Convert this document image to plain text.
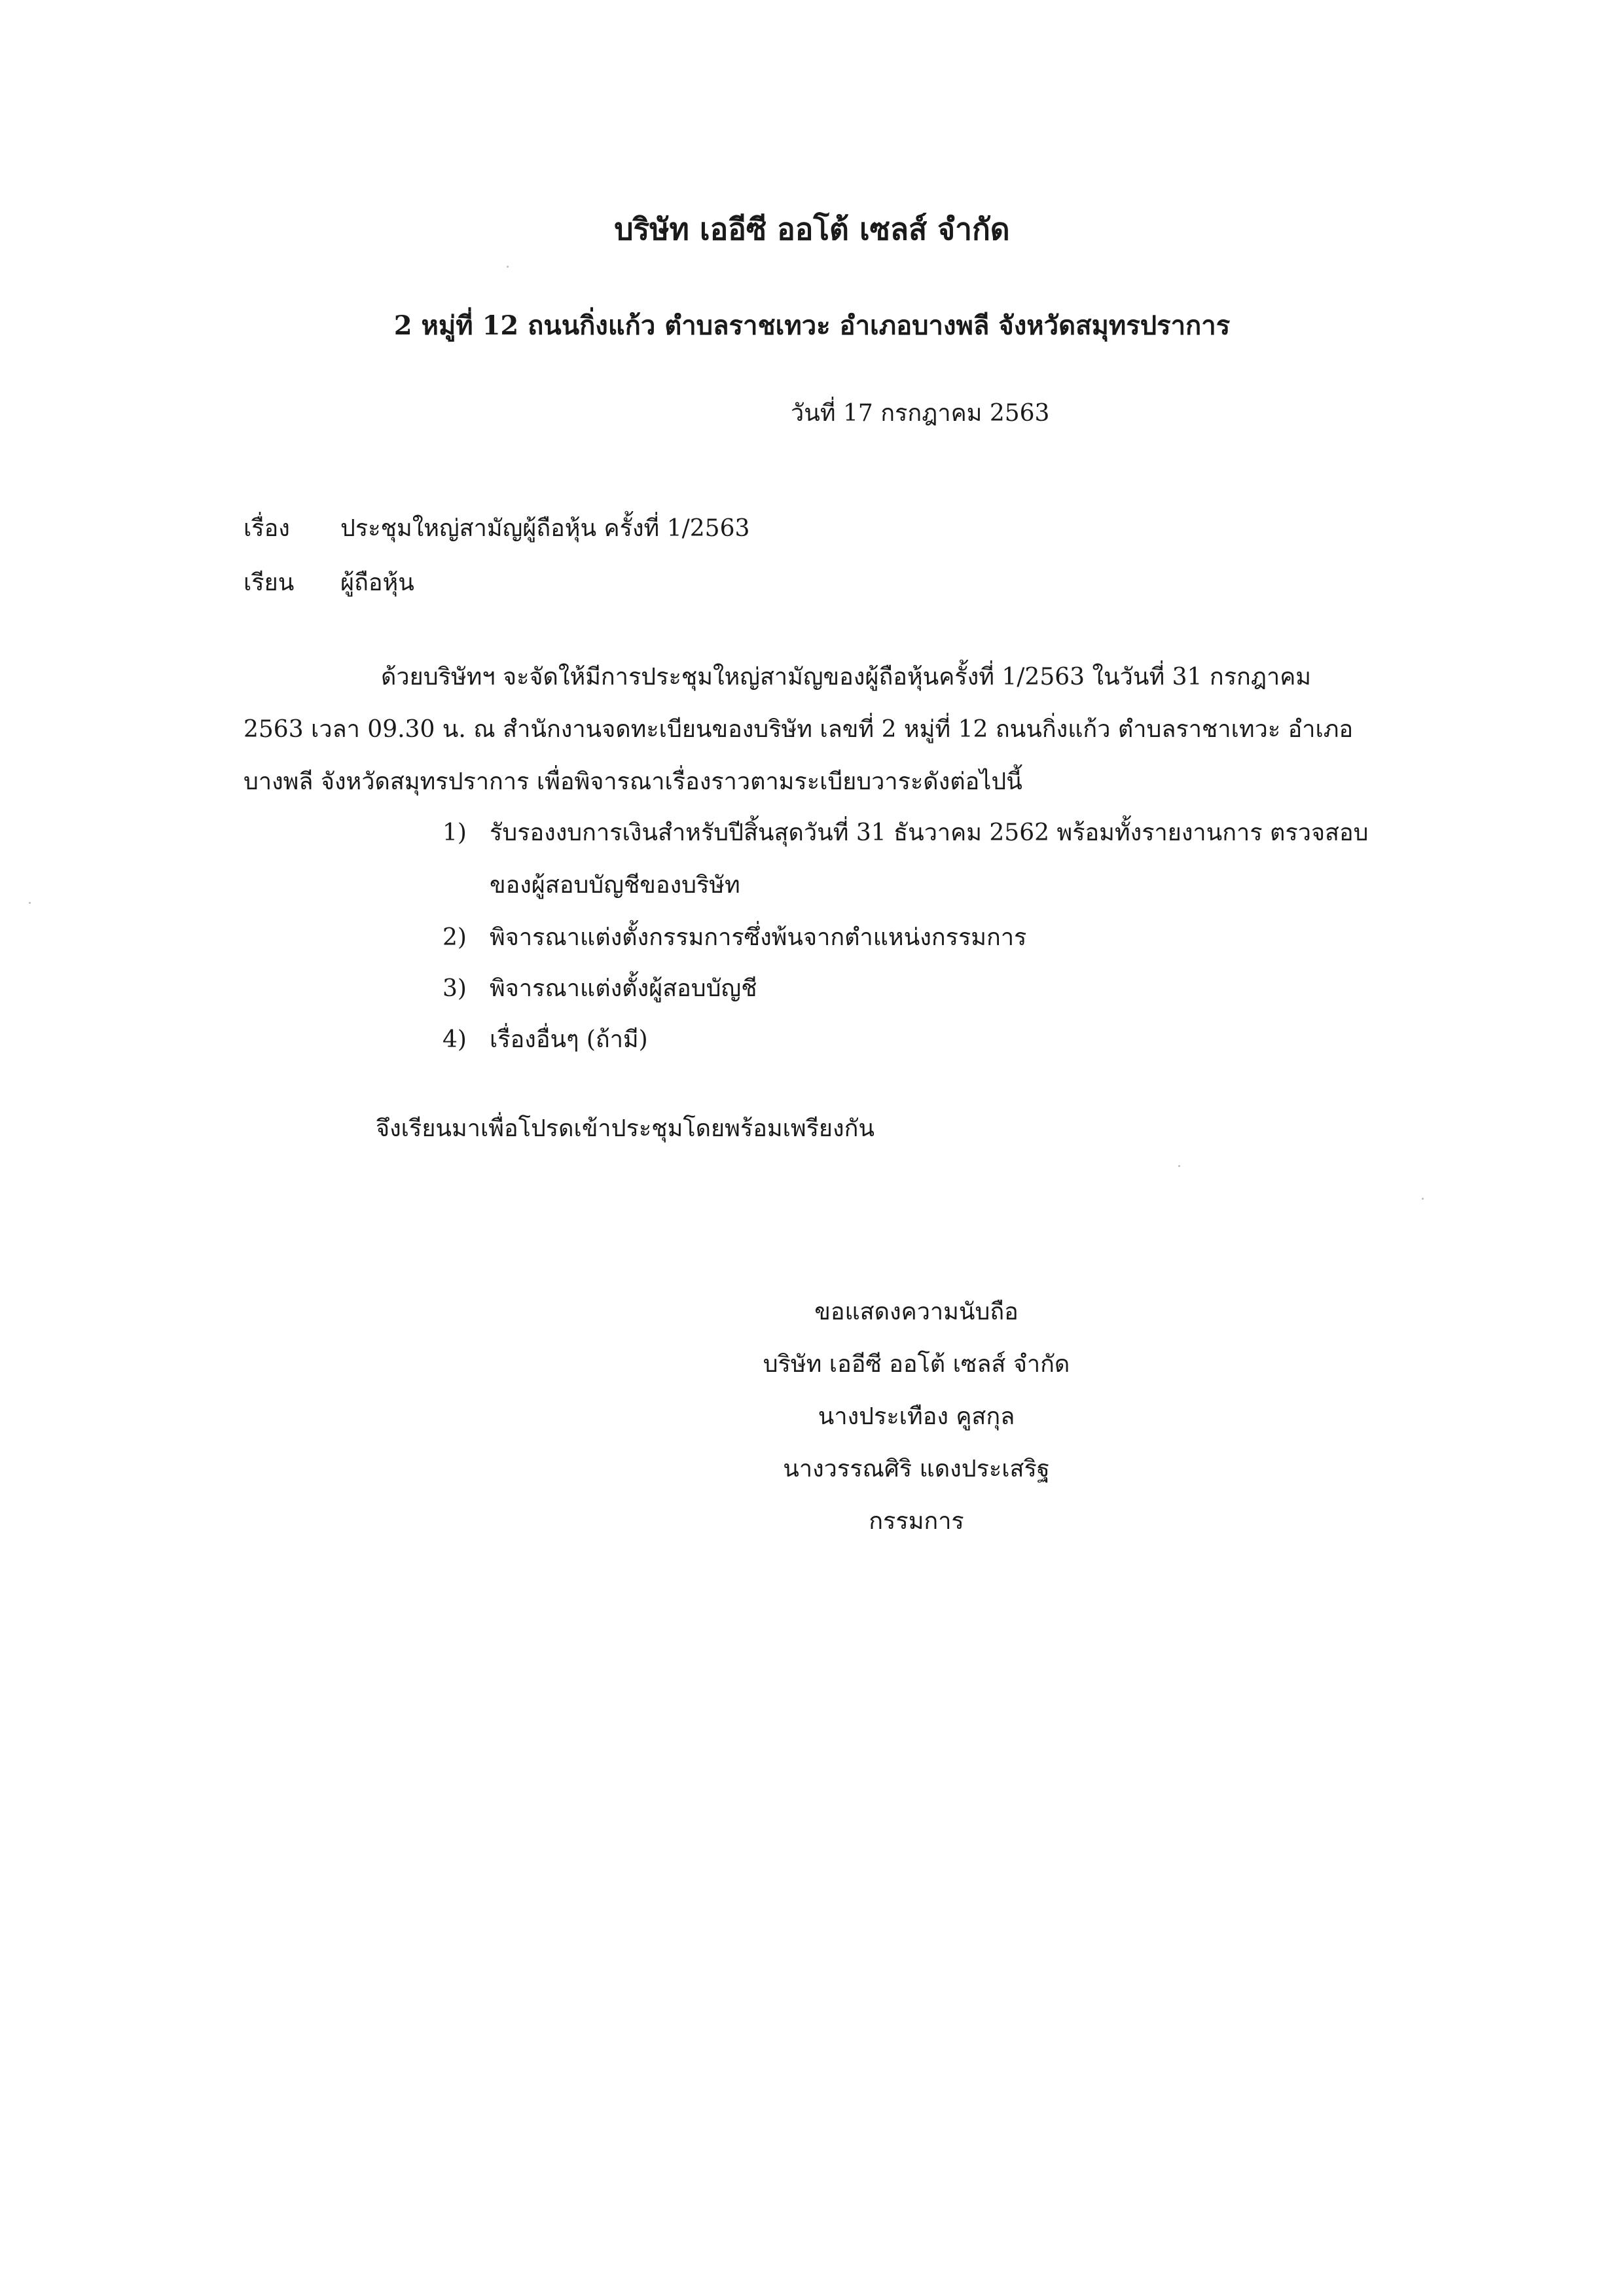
บริษัท เออีซี ออโต้ เซลส์ จำกัด
2 หมู่ที่ 12 ถนนกิ่งแก้ว ตำบลราชเทวะ อำเภอบางพลี จังหวัดสมุทรปราการ
วันที่ 17 กรกฎาคม 2563
เรื่อง ประชุมใหญ่สามัญผู้ถือหุ้น ครั้งที่ 1/2563
เรียน ผู้ถือหุ้น
ด้วยบริษัทฯ จะจัดให้มีการประชุมใหญ่สามัญของผู้ถือหุ้นครั้งที่ 1/2563 ในวันที่ 31 กรกฎาคม
2563 เวลา 09.30 น. ณ สำนักงานจดทะเบียนของบริษัท เลขที่ 2 หมู่ที่ 12 ถนนกิ่งแก้ว ตำบลราชาเทวะ อำเภอ
บางพลี จังหวัดสมุทรปราการ เพื่อพิจารณาเรื่องราวตามระเบียบวาระดังต่อไปนี้
1) รับรองงบการเงินสำหรับปีสิ้นสุดวันที่ 31 ธันวาคม 2562 พร้อมทั้งรายงานการ ตรวจสอบ
ของผู้สอบบัญชีของบริษัท
2) พิจารณาแต่งตั้งกรรมการซึ่งพ้นจากตำแหน่งกรรมการ
3) พิจารณาแต่งตั้งผู้สอบบัญชี
4) เรื่องอื่นๆ (ถ้ามี)
จึงเรียนมาเพื่อโปรดเข้าประชุมโดยพร้อมเพรียงกัน
ขอแสดงความนับถือ
บริษัท เออีซี ออโต้ เซลส์ จำกัด
นางประเทือง คูสกุล
นางวรรณศิริ แดงประเสริฐ
กรรมการ
